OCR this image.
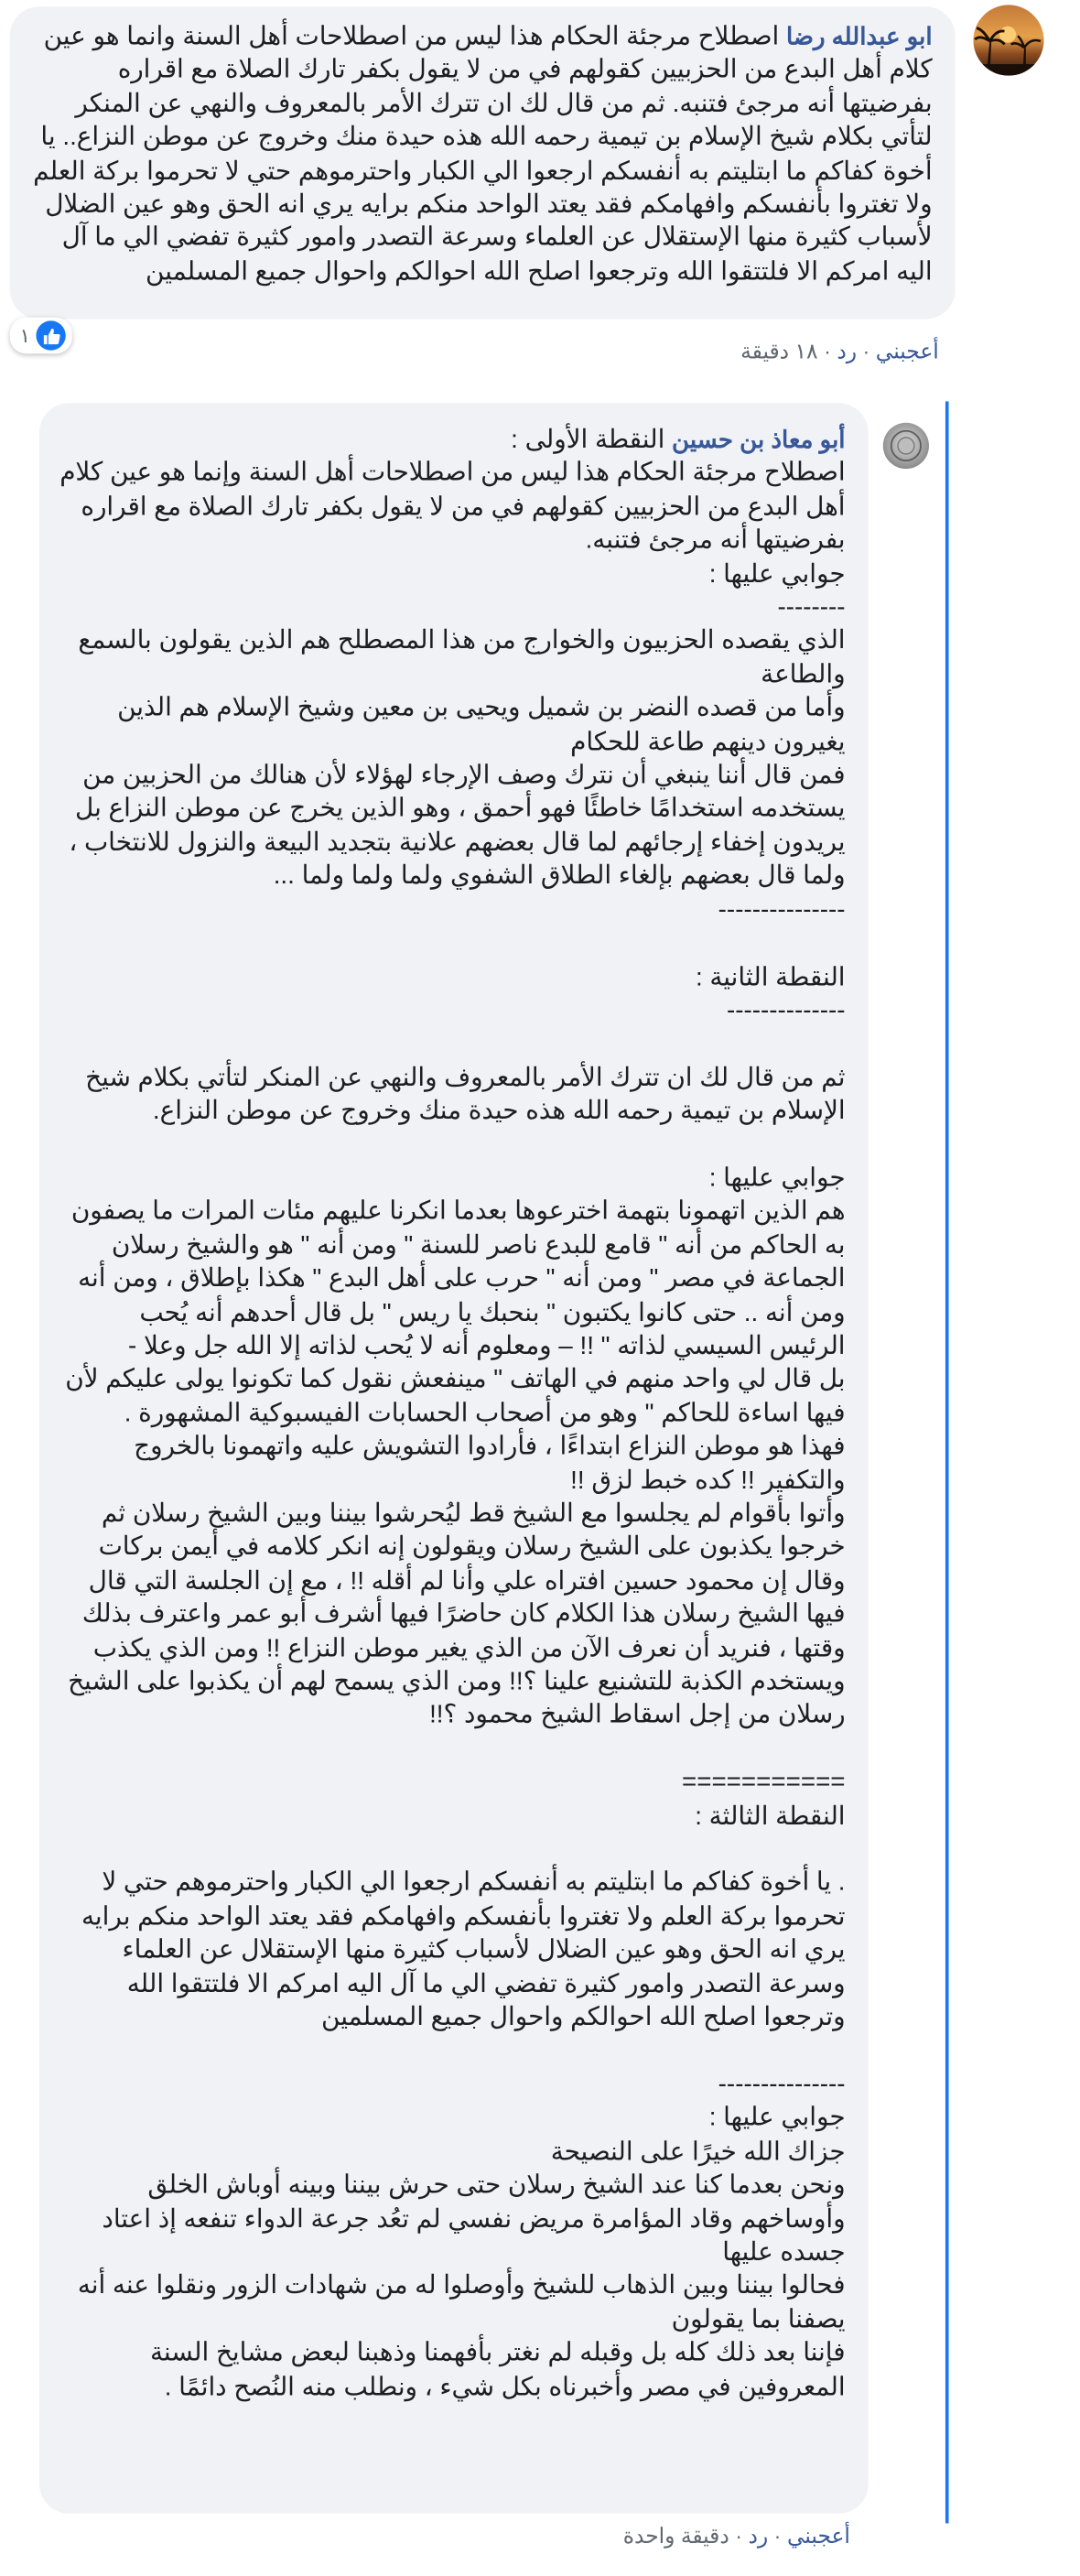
ابو عبدالله رضا اصطلاح مرجئة الحكام هذا ليس من اصطلاحات أهل السنة وانما هو عين كلام أهل البدع من الحزبيين كقولهم في من لا يقول بكفر تارك الصلاة مع اقراره بفرضيتها أنه مرجئ فتنبه. ثم من قال لك ان تترك الأمر بالمعروف والنهي عن المنكر لتأتي بكلام شيخ الإسلام بن تيمية رحمه الله هذه حيدة منك وخروج عن موطن النزاع.. يا أخوة كفاكم ما ابتليتم به أنفسكم ارجعوا الي الكبار واحترموهم حتي لا تحرموا بركة العلم ولا تغتروا بأنفسكم وافهامكم فقد يعتد الواحد منكم برايه يري انه الحق وهو عين الضلال لأسباب كثيرة منها الإستقلال عن العلماء وسرعة التصدر وامور كثيرة تفضي الي ما آل اليه امركم الا فلتتقوا الله وترجعوا اصلح الله احوالكم واحوال جميع المسلمين
١
أعجبني · رد · ١٨ دقيقة
أبو معاذ بن حسين النقطة الأولى :
اصطلاح مرجئة الحكام هذا ليس من اصطلاحات أهل السنة وإنما هو عين كلام أهل البدع من الحزبيين كقولهم في من لا يقول بكفر تارك الصلاة مع اقراره بفرضيتها أنه مرجئ فتنبه.
جوابي عليها :
--------
الذي يقصده الحزبيون والخوارج من هذا المصطلح هم الذين يقولون بالسمع والطاعة
وأما من قصده النضر بن شميل ويحيى بن معين وشيخ الإسلام هم الذين يغيرون دينهم طاعة للحكام
فمن قال أننا ينبغي أن نترك وصف الإرجاء لهؤلاء لأن هنالك من الحزبين من يستخدمه استخدامًا خاطئًا فهو أحمق ، وهو الذين يخرج عن موطن النزاع بل يريدون إخفاء إرجائهم لما قال بعضهم علانية بتجديد البيعة والنزول للانتخاب ، ولما قال بعضهم بإلغاء الطلاق الشفوي ولما ولما ولما ...
---------------

النقطة الثانية :
--------------

ثم من قال لك ان تترك الأمر بالمعروف والنهي عن المنكر لتأتي بكلام شيخ الإسلام بن تيمية رحمه الله هذه حيدة منك وخروج عن موطن النزاع.

جوابي عليها :
هم الذين اتهمونا بتهمة اخترعوها بعدما انكرنا عليهم مئات المرات ما يصفون به الحاكم من أنه " قامع للبدع ناصر للسنة " ومن أنه " هو والشيخ رسلان الجماعة في مصر " ومن أنه " حرب على أهل البدع " هكذا بإطلاق ، ومن أنه ومن أنه .. حتى كانوا يكتبون " بنحبك يا ريس " بل قال أحدهم أنه يُحب الرئيس السيسي لذاته " !! – ومعلوم أنه لا يُحب لذاته إلا الله جل وعلا -
بل قال لي واحد منهم في الهاتف " مينفعش نقول كما تكونوا يولى عليكم لأن فيها اساءة للحاكم " وهو من أصحاب الحسابات الفيسبوكية المشهورة .
فهذا هو موطن النزاع ابتداءًا ، فأرادوا التشويش عليه واتهمونا بالخروج والتكفير !! كده خبط لزق !!
وأتوا بأقوام لم يجلسوا مع الشيخ قط ليُحرشوا بيننا وبين الشيخ رسلان ثم خرجوا يكذبون على الشيخ رسلان ويقولون إنه انكر كلامه في أيمن بركات وقال إن محمود حسين افتراه علي وأنا لم أقله !! ، مع إن الجلسة التي قال فيها الشيخ رسلان هذا الكلام كان حاضرًا فيها أشرف أبو عمر واعترف بذلك وقتها ، فنريد أن نعرف الآن من الذي يغير موطن النزاع !! ومن الذي يكذب ويستخدم الكذبة للتشنيع علينا ؟!! ومن الذي يسمح لهم أن يكذبوا على الشيخ رسلان من إجل اسقاط الشيخ محمود ؟!!

===========
النقطة الثالثة :

. يا أخوة كفاكم ما ابتليتم به أنفسكم ارجعوا الي الكبار واحترموهم حتي لا تحرموا بركة العلم ولا تغتروا بأنفسكم وافهامكم فقد يعتد الواحد منكم برايه يري انه الحق وهو عين الضلال لأسباب كثيرة منها الإستقلال عن العلماء وسرعة التصدر وامور كثيرة تفضي الي ما آل اليه امركم الا فلتتقوا الله وترجعوا اصلح الله احوالكم واحوال جميع المسلمين

---------------
جوابي عليها :
جزاك الله خيرًا على النصيحة
ونحن بعدما كنا عند الشيخ رسلان حتى حرش بيننا وبينه أوباش الخلق وأوساخهم وقاد المؤامرة مريض نفسي لم تعُد جرعة الدواء تنفعه إذ اعتاد جسده عليها
فحالوا بيننا وبين الذهاب للشيخ وأوصلوا له من شهادات الزور ونقلوا عنه أنه يصفنا بما يقولون
فإننا بعد ذلك كله بل وقبله لم نغتر بأفهمنا وذهبنا لبعض مشايخ السنة المعروفين في مصر وأخبرناه بكل شيء ، ونطلب منه النُصح دائمًا .
أعجبني · رد · دقيقة واحدة
